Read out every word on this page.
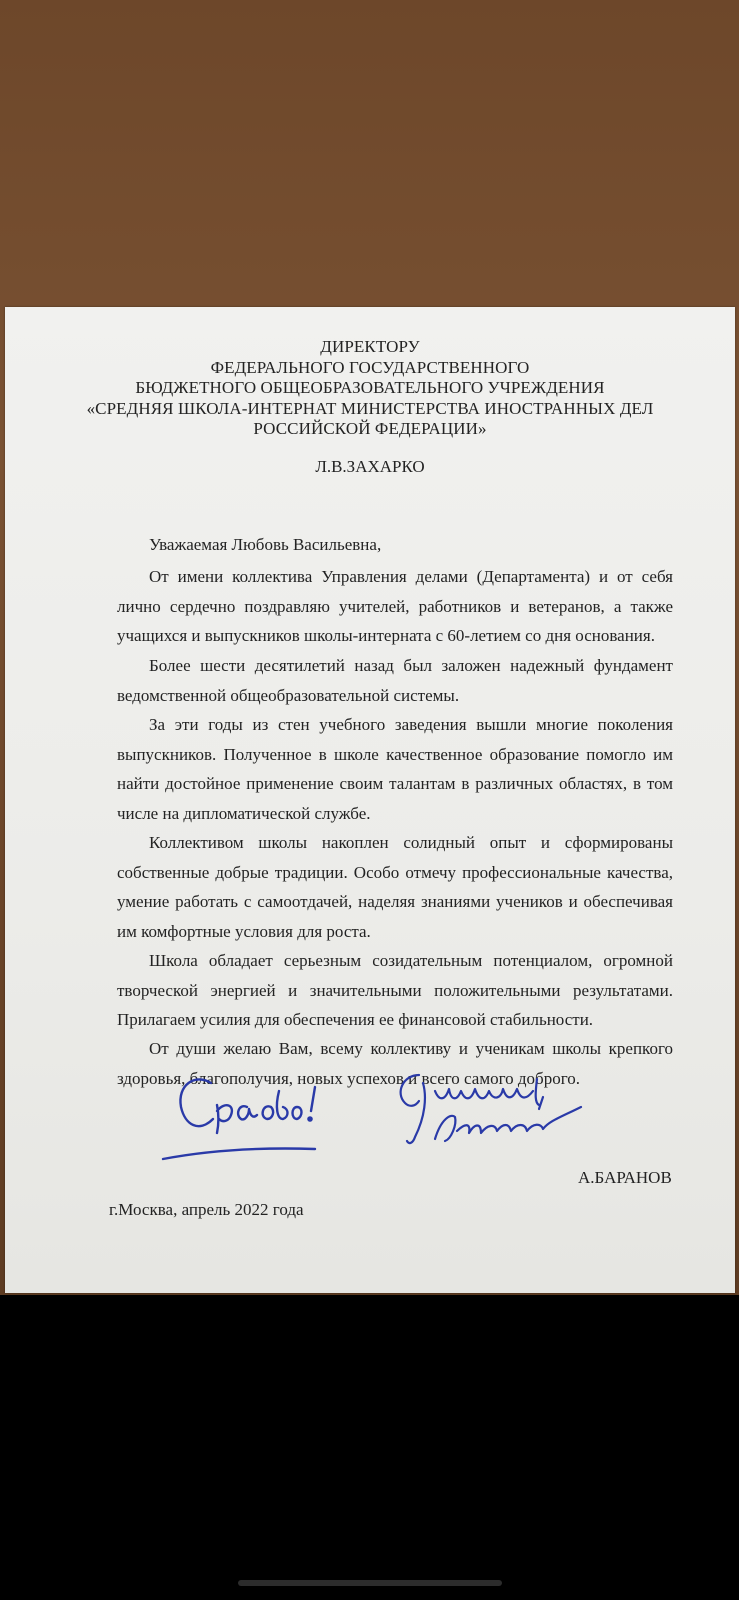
ДИРЕКТОРУ
ФЕДЕРАЛЬНОГО ГОСУДАРСТВЕННОГО
БЮДЖЕТНОГО ОБЩЕОБРАЗОВАТЕЛЬНОГО УЧРЕЖДЕНИЯ
«СРЕДНЯЯ ШКОЛА-ИНТЕРНАТ МИНИСТЕРСТВА ИНОСТРАННЫХ ДЕЛ
РОССИЙСКОЙ ФЕДЕРАЦИИ»
Л.В.ЗАХАРКО
Уважаемая Любовь Васильевна,

От имени коллектива Управления делами (Департамента) и от себя лично сердечно поздравляю учителей, работников и ветеранов, а также учащихся и выпускников школы-интерната с 60-летием со дня основания.

Более шести десятилетий назад был заложен надежный фундамент ведомственной общеобразовательной системы.

За эти годы из стен учебного заведения вышли многие поколения выпускников. Полученное в школе качественное образование помогло им найти достойное применение своим талантам в различных областях, в том числе на дипломатической службе.

Коллективом школы накоплен солидный опыт и сформированы собственные добрые традиции. Особо отмечу профессиональные качества, умение работать с самоотдачей, наделяя знаниями учеников и обеспечивая им комфортные условия для роста.

Школа обладает серьезным созидательным потенциалом, огромной творческой энергией и значительными положительными результатами. Прилагаем усилия для обеспечения ее финансовой стабильности.

От души желаю Вам, всему коллективу и ученикам школы крепкого здоровья, благополучия, новых успехов и всего самого доброго.

А.БАРАНОВ
г.Москва, апрель 2022 года
